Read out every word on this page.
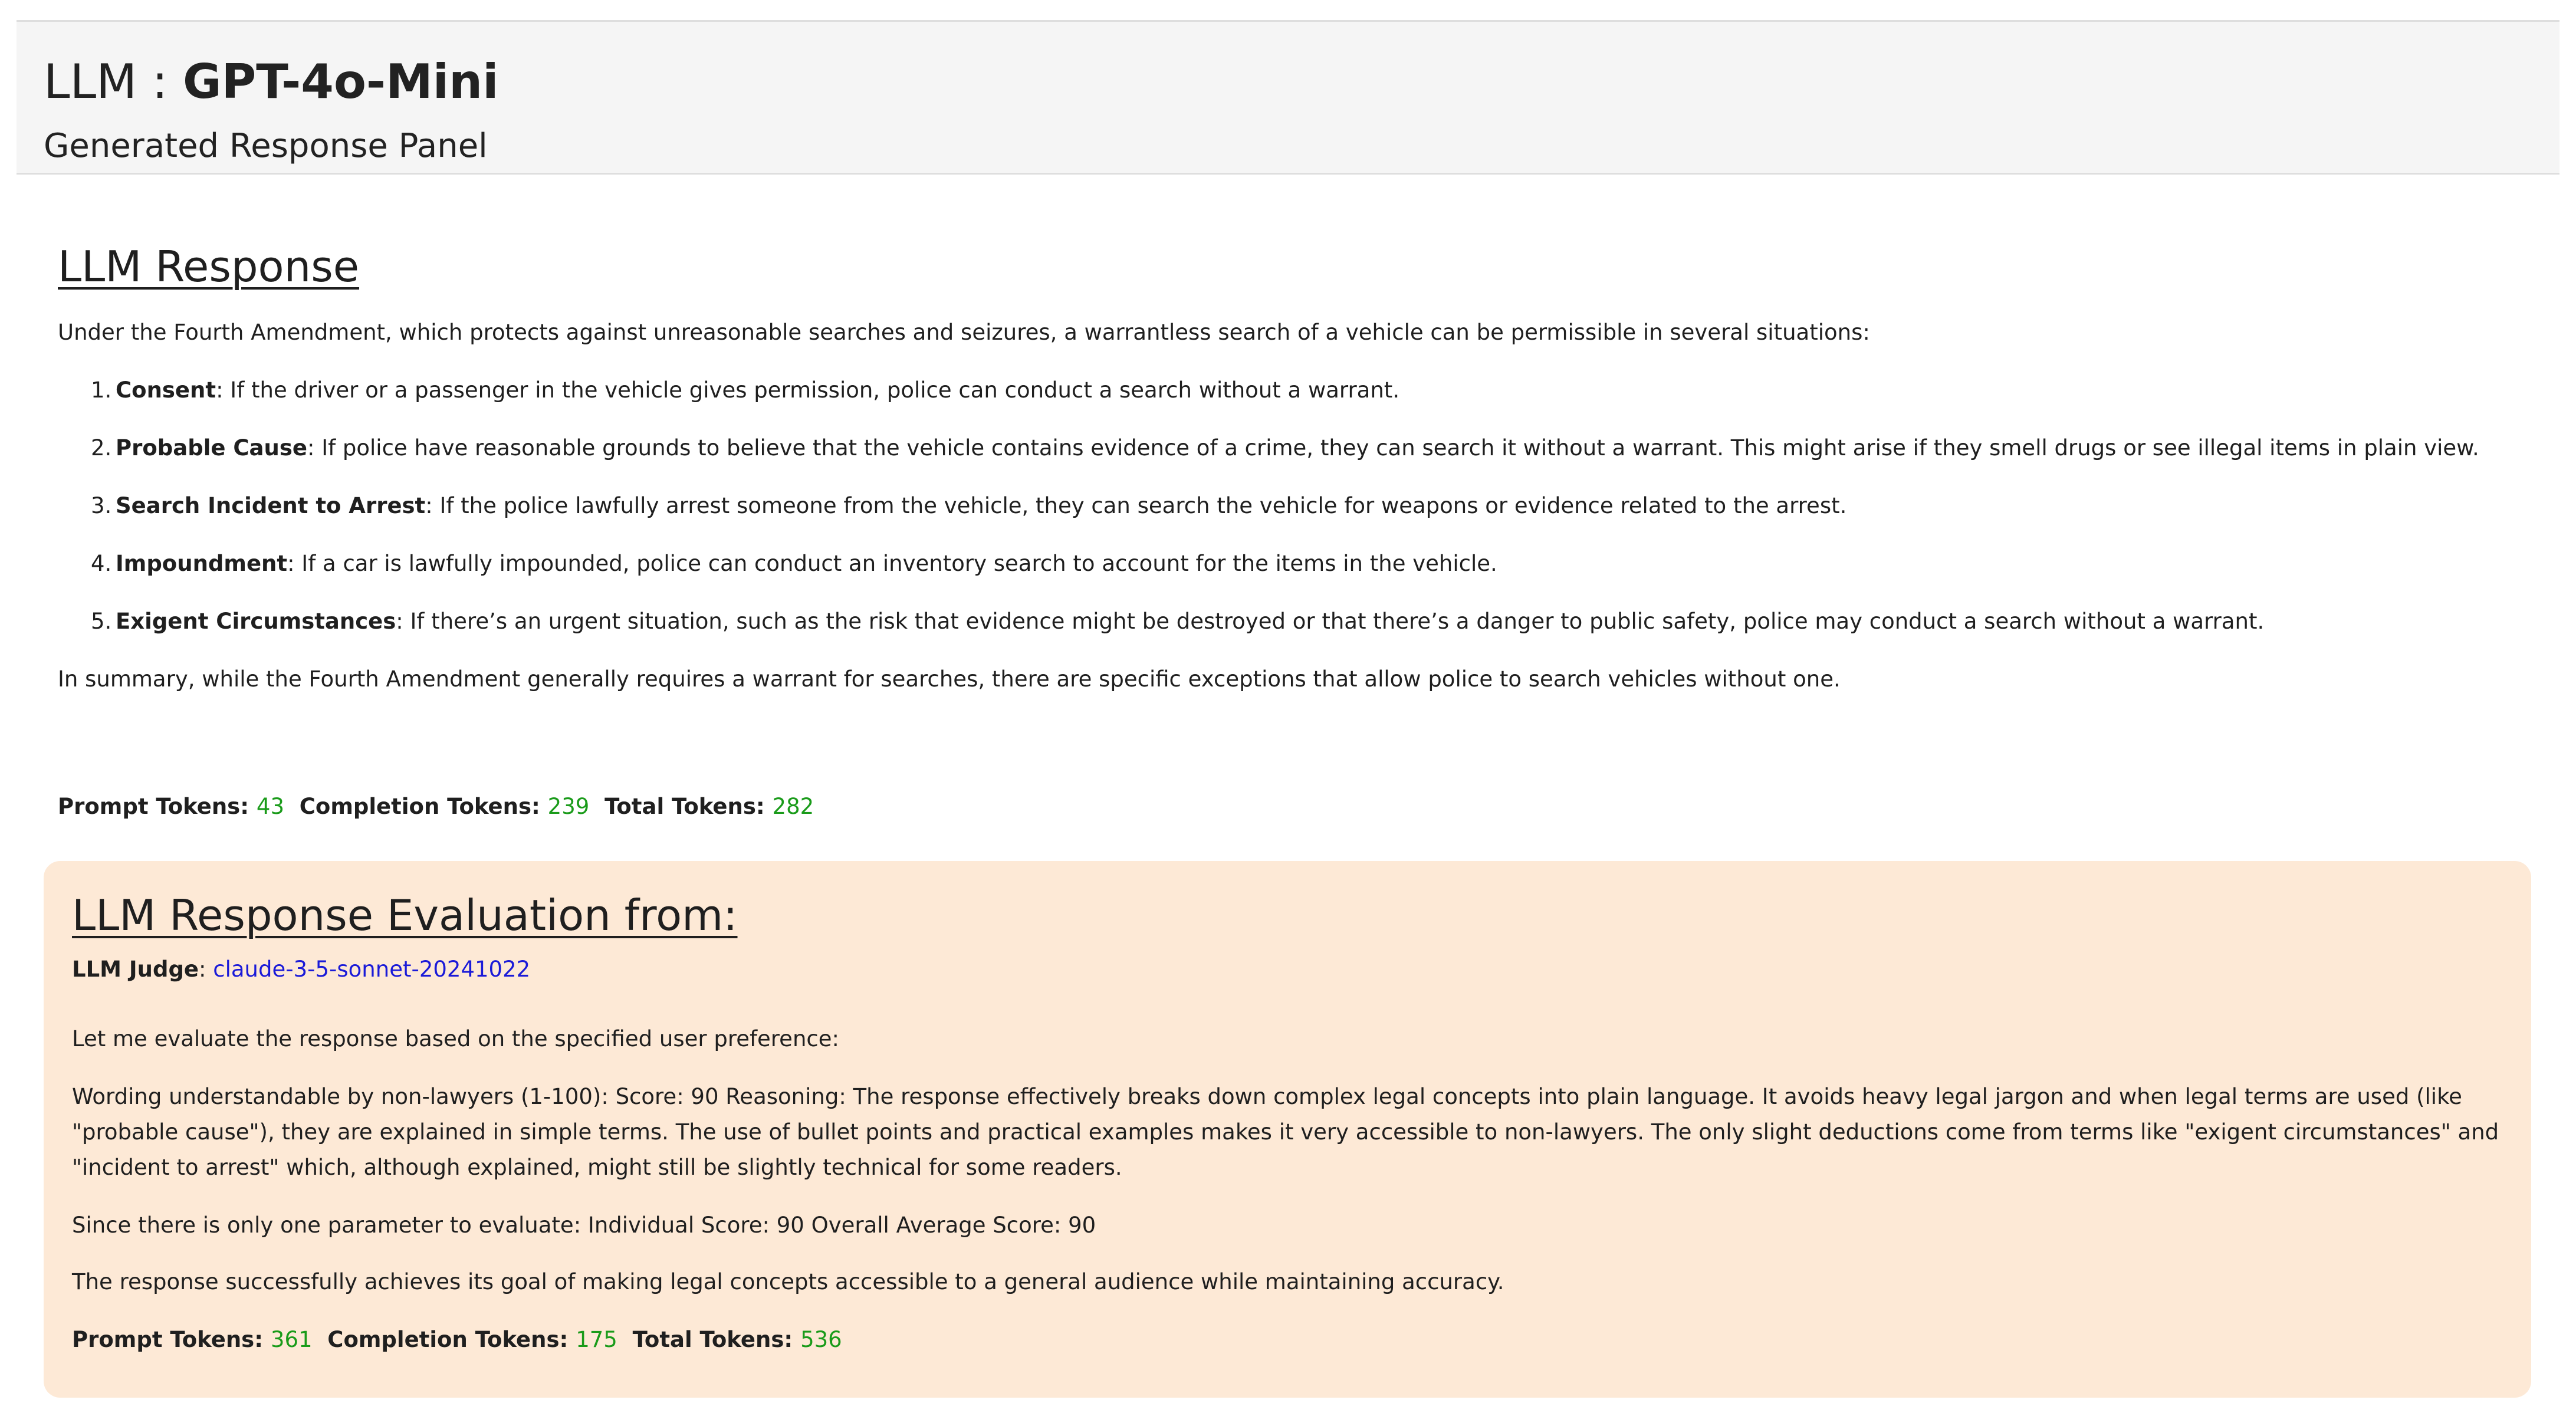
LLM : GPT-4o-Mini
Generated Response Panel
LLM Response

Under the Fourth Amendment, which protects against unreasonable searches and seizures, a warrantless search of a vehicle can be permissible in several situations:

1. Consent: If the driver or a passenger in the vehicle gives permission, police can conduct a search without a warrant.
2. Probable Cause: If police have reasonable grounds to believe that the vehicle contains evidence of a crime, they can search it without a warrant. This might arise if they smell drugs or see illegal items in plain view.
3. Search Incident to Arrest: If the police lawfully arrest someone from the vehicle, they can search the vehicle for weapons or evidence related to the arrest.
4. Impoundment: If a car is lawfully impounded, police can conduct an inventory search to account for the items in the vehicle.
5. Exigent Circumstances: If there’s an urgent situation, such as the risk that evidence might be destroyed or that there’s a danger to public safety, police may conduct a search without a warrant.

In summary, while the Fourth Amendment generally requires a warrant for searches, there are specific exceptions that allow police to search vehicles without one.

Prompt Tokens: 43 Completion Tokens: 239 Total Tokens: 282
LLM Response Evaluation from:
LLM Judge: claude-3-5-sonnet-20241022

Let me evaluate the response based on the specified user preference:

Wording understandable by non-lawyers (1-100): Score: 90 Reasoning: The response effectively breaks down complex legal concepts into plain language. It avoids heavy legal jargon and when legal terms are used (like "probable cause"), they are explained in simple terms. The use of bullet points and practical examples makes it very accessible to non-lawyers. The only slight deductions come from terms like "exigent circumstances" and "incident to arrest" which, although explained, might still be slightly technical for some readers.

Since there is only one parameter to evaluate: Individual Score: 90 Overall Average Score: 90

The response successfully achieves its goal of making legal concepts accessible to a general audience while maintaining accuracy.

Prompt Tokens: 361 Completion Tokens: 175 Total Tokens: 536
